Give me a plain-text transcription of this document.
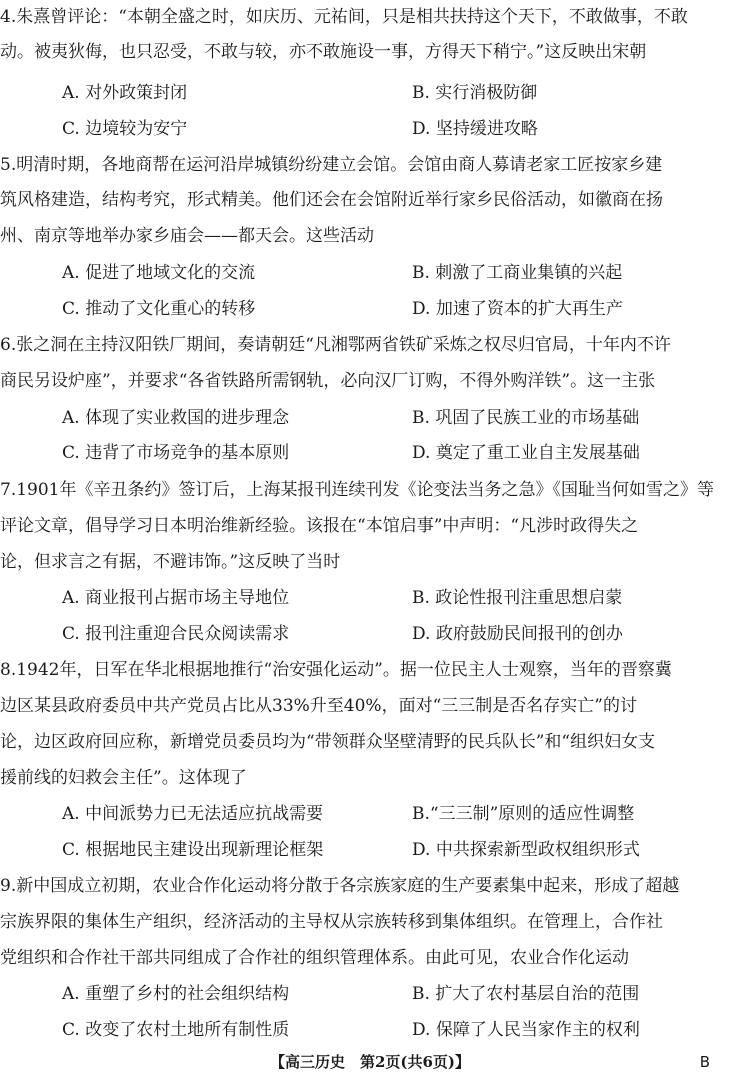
4.朱熹曾评论：“本朝全盛之时，如庆历、元祐间，只是相共扶持这个天下，不敢做事，不敢
动。被夷狄侮，也只忍受，不敢与较，亦不敢施设一事，方得天下稍宁。”这反映出宋朝
A. 对外政策封闭	B. 实行消极防御
C. 边境较为安宁	D. 坚持缓进攻略
5.明清时期，各地商帮在运河沿岸城镇纷纷建立会馆。会馆由商人募请老家工匠按家乡建
筑风格建造，结构考究，形式精美。他们还会在会馆附近举行家乡民俗活动，如徽商在扬
州、南京等地举办家乡庙会——都天会。这些活动
A. 促进了地域文化的交流	B. 刺激了工商业集镇的兴起
C. 推动了文化重心的转移	D. 加速了资本的扩大再生产
6.张之洞在主持汉阳铁厂期间，奏请朝廷“凡湘鄂两省铁矿采炼之权尽归官局，十年内不许
商民另设炉座”，并要求“各省铁路所需钢轨，必向汉厂订购，不得外购洋铁”。这一主张
A. 体现了实业救国的进步理念	B. 巩固了民族工业的市场基础
C. 违背了市场竞争的基本原则	D. 奠定了重工业自主发展基础
7.1901年《辛丑条约》签订后，上海某报刊连续刊发《论变法当务之急》《国耻当何如雪之》等
评论文章，倡导学习日本明治维新经验。该报在“本馆启事”中声明：“凡涉时政得失之
论，但求言之有据，不避讳饰。”这反映了当时
A. 商业报刊占据市场主导地位	B. 政论性报刊注重思想启蒙
C. 报刊注重迎合民众阅读需求	D. 政府鼓励民间报刊的创办
8.1942年，日军在华北根据地推行“治安强化运动”。据一位民主人士观察，当年的晋察冀
边区某县政府委员中共产党员占比从33%升至40%，面对“三三制是否名存实亡”的讨
论，边区政府回应称，新增党员委员均为“带领群众坚壁清野的民兵队长”和“组织妇女支
援前线的妇救会主任”。这体现了
A. 中间派势力已无法适应抗战需要	B.“三三制”原则的适应性调整
C. 根据地民主建设出现新理论框架	D. 中共探索新型政权组织形式
9.新中国成立初期，农业合作化运动将分散于各宗族家庭的生产要素集中起来，形成了超越
宗族界限的集体生产组织，经济活动的主导权从宗族转移到集体组织。在管理上，合作社
党组织和合作社干部共同组成了合作社的组织管理体系。由此可见，农业合作化运动
A. 重塑了乡村的社会组织结构	B. 扩大了农村基层自治的范围
C. 改变了农村土地所有制性质	D. 保障了人民当家作主的权利
【高三历史　第2页(共6页)】	B
